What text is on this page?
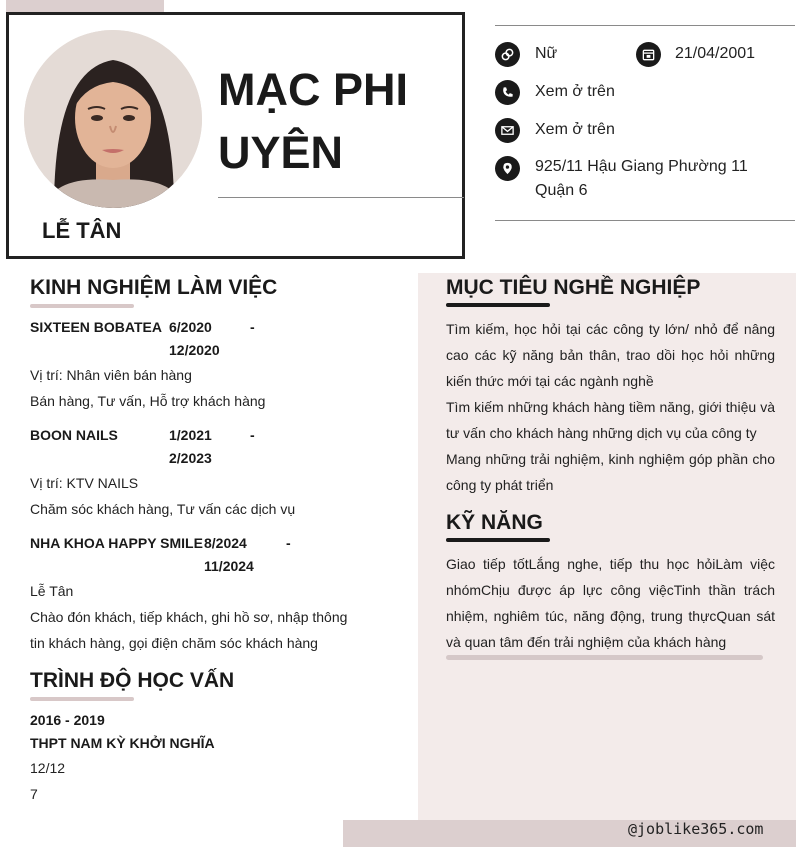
LỄ TÂN
MẠC PHI UYÊN
Nữ	21/04/2001
Xem ở trên
Xem ở trên
925/11 Hậu Giang Phường 11 Quận 6
KINH NGHIỆM LÀM VIỆC
SIXTEEN BOBATEA 6/2020	-
12/2020
Vị trí: Nhân viên bán hàng
Bán hàng, Tư vấn, Hỗ trợ khách hàng
BOON NAILS	1/2021	-
2/2023
Vị trí: KTV NAILS
Chăm sóc khách hàng, Tư vấn các dịch vụ
NHA KHOA HAPPY SMILE 8/2024	-
11/2024
Lễ Tân
Chào đón khách, tiếp khách, ghi hồ sơ, nhập thông tin khách hàng, gọi điện chăm sóc khách hàng
TRÌNH ĐỘ HỌC VẤN
2016 - 2019
THPT NAM KỲ KHỞI NGHĨA
12/12
7
MỤC TIÊU NGHỀ NGHIỆP
Tìm kiếm, học hỏi tại các công ty lớn/ nhỏ để nâng cao các kỹ năng bản thân, trao dồi học hỏi những kiến thức mới tại các ngành nghề
Tìm kiếm những khách hàng tiềm năng, giới thiệu và tư vấn cho khách hàng những dịch vụ của công ty
Mang những trải nghiệm, kinh nghiệm góp phần cho công ty phát triển
KỸ NĂNG
Giao tiếp tốtLắng nghe, tiếp thu học hỏiLàm việc nhómChịu được áp lực công việcTinh thần trách nhiệm, nghiêm túc, năng động, trung thựcQuan sát và quan tâm đến trải nghiệm của khách hàng
@joblike365.com
